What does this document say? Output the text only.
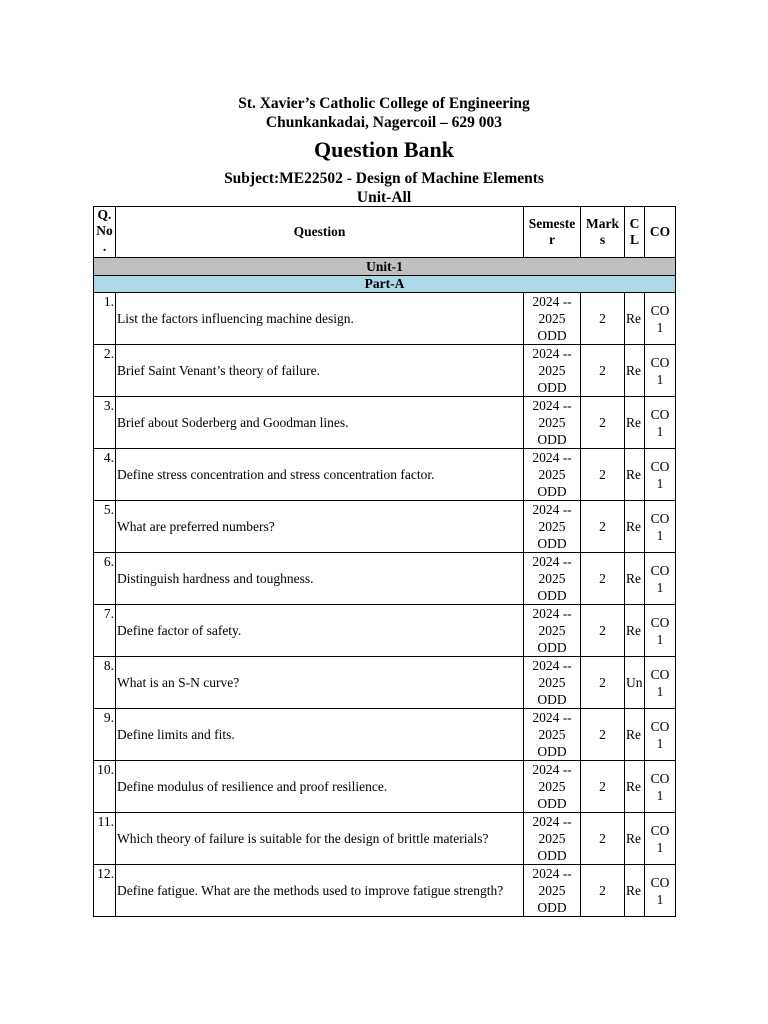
St. Xavier’s Catholic College of Engineering
Chunkankadai, Nagercoil – 629 003
Question Bank
Subject:ME22502 - Design of Machine Elements
Unit-All
Q. No .	Question	Semeste r	Mark s	C L	CO
Unit-1					
Part-A					
1.	List the factors influencing machine design.	2024 -- 2025 ODD	2	Re	CO 1
2.	Brief Saint Venant’s theory of failure.	2024 -- 2025 ODD	2	Re	CO 1
3.	Brief about Soderberg and Goodman lines.	2024 -- 2025 ODD	2	Re	CO 1
4.	Define stress concentration and stress concentration factor.	2024 -- 2025 ODD	2	Re	CO 1
5.	What are preferred numbers?	2024 -- 2025 ODD	2	Re	CO 1
6.	Distinguish hardness and toughness.	2024 -- 2025 ODD	2	Re	CO 1
7.	Define factor of safety.	2024 -- 2025 ODD	2	Re	CO 1
8.	What is an S-N curve?	2024 -- 2025 ODD	2	Un	CO 1
9.	Define limits and fits.	2024 -- 2025 ODD	2	Re	CO 1
10.	Define modulus of resilience and proof resilience.	2024 -- 2025 ODD	2	Re	CO 1
11.	Which theory of failure is suitable for the design of brittle materials?	2024 -- 2025 ODD	2	Re	CO 1
12.	Define fatigue. What are the methods used to improve fatigue strength?	2024 -- 2025 ODD	2	Re	CO 1
